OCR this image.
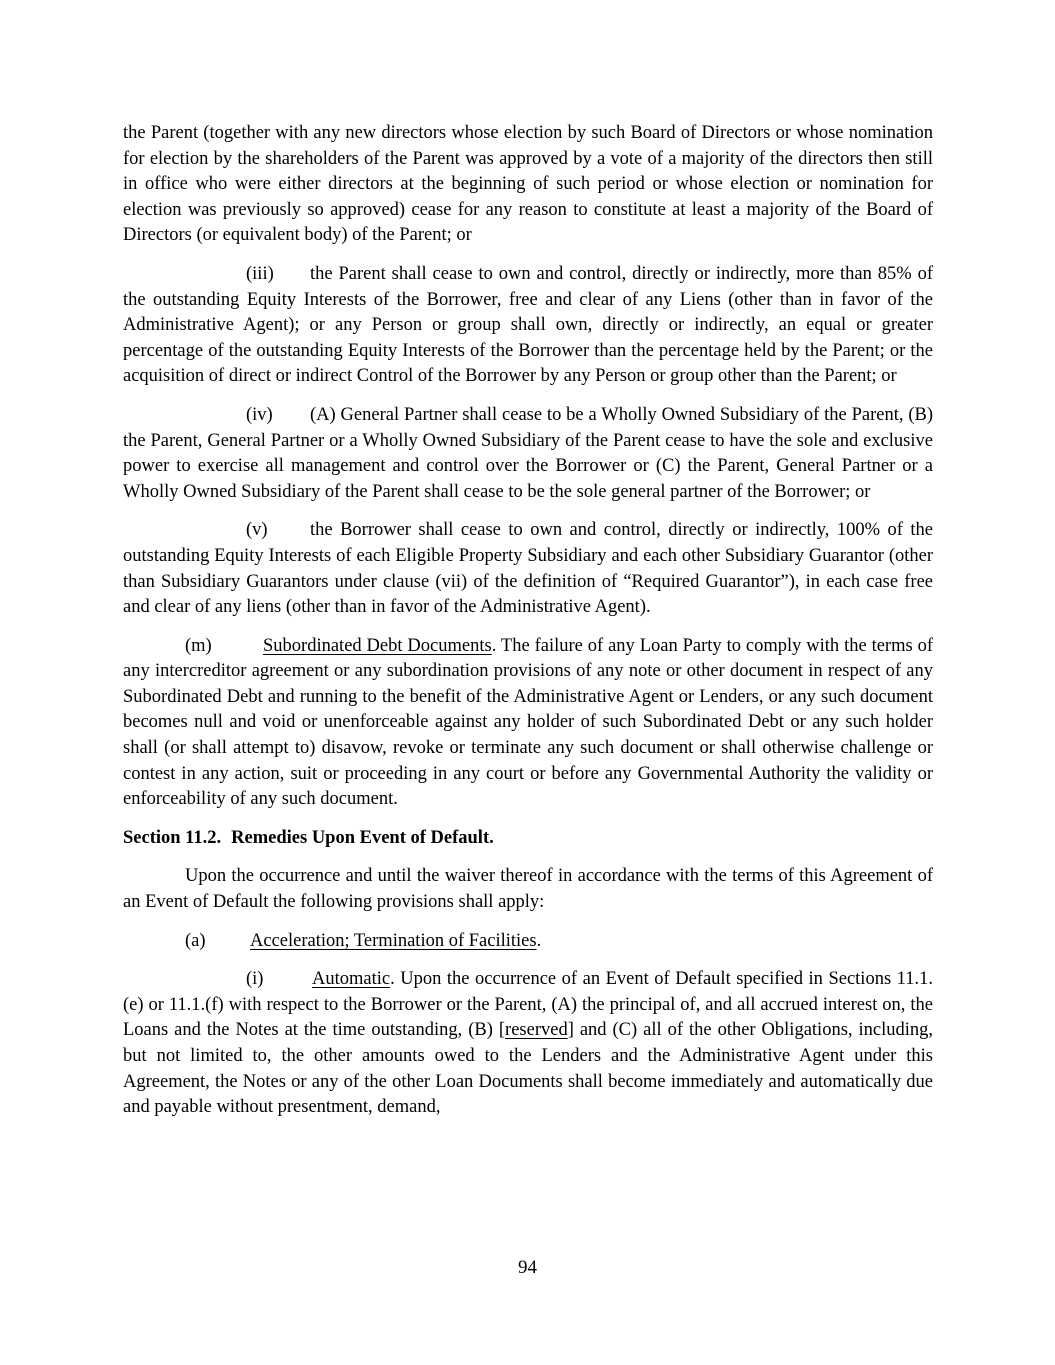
the Parent (together with any new directors whose election by such Board of Directors or whose nomination for election by the shareholders of the Parent was approved by a vote of a majority of the directors then still in office who were either directors at the beginning of such period or whose election or nomination for election was previously so approved) cease for any reason to constitute at least a majority of the Board of Directors (or equivalent body) of the Parent; or

(iii) the Parent shall cease to own and control, directly or indirectly, more than 85% of the outstanding Equity Interests of the Borrower, free and clear of any Liens (other than in favor of the Administrative Agent); or any Person or group shall own, directly or indirectly, an equal or greater percentage of the outstanding Equity Interests of the Borrower than the percentage held by the Parent; or the acquisition of direct or indirect Control of the Borrower by any Person or group other than the Parent; or

(iv) (A) General Partner shall cease to be a Wholly Owned Subsidiary of the Parent, (B) the Parent, General Partner or a Wholly Owned Subsidiary of the Parent cease to have the sole and exclusive power to exercise all management and control over the Borrower or (C) the Parent, General Partner or a Wholly Owned Subsidiary of the Parent shall cease to be the sole general partner of the Borrower; or

(v) the Borrower shall cease to own and control, directly or indirectly, 100% of the outstanding Equity Interests of each Eligible Property Subsidiary and each other Subsidiary Guarantor (other than Subsidiary Guarantors under clause (vii) of the definition of “Required Guarantor”), in each case free and clear of any liens (other than in favor of the Administrative Agent).

(m)	Subordinated Debt Documents. The failure of any Loan Party to comply with the terms of any intercreditor agreement or any subordination provisions of any note or other document in respect of any Subordinated Debt and running to the benefit of the Administrative Agent or Lenders, or any such document becomes null and void or unenforceable against any holder of such Subordinated Debt or any such holder shall (or shall attempt to) disavow, revoke or terminate any such document or shall otherwise challenge or contest in any action, suit or proceeding in any court or before any Governmental Authority the validity or enforceability of any such document.

Section 11.2. Remedies Upon Event of Default.

Upon the occurrence and until the waiver thereof in accordance with the terms of this Agreement of an Event of Default the following provisions shall apply:

(a) Acceleration; Termination of Facilities.

(i)	Automatic. Upon the occurrence of an Event of Default specified in Sections 11.1.(e) or 11.1.(f) with respect to the Borrower or the Parent, (A) the principal of, and all accrued interest on, the Loans and the Notes at the time outstanding, (B) [reserved] and (C) all of the other Obligations, including, but not limited to, the other amounts owed to the Lenders and the Administrative Agent under this Agreement, the Notes or any of the other Loan Documents shall become immediately and automatically due and payable without presentment, demand,

94
